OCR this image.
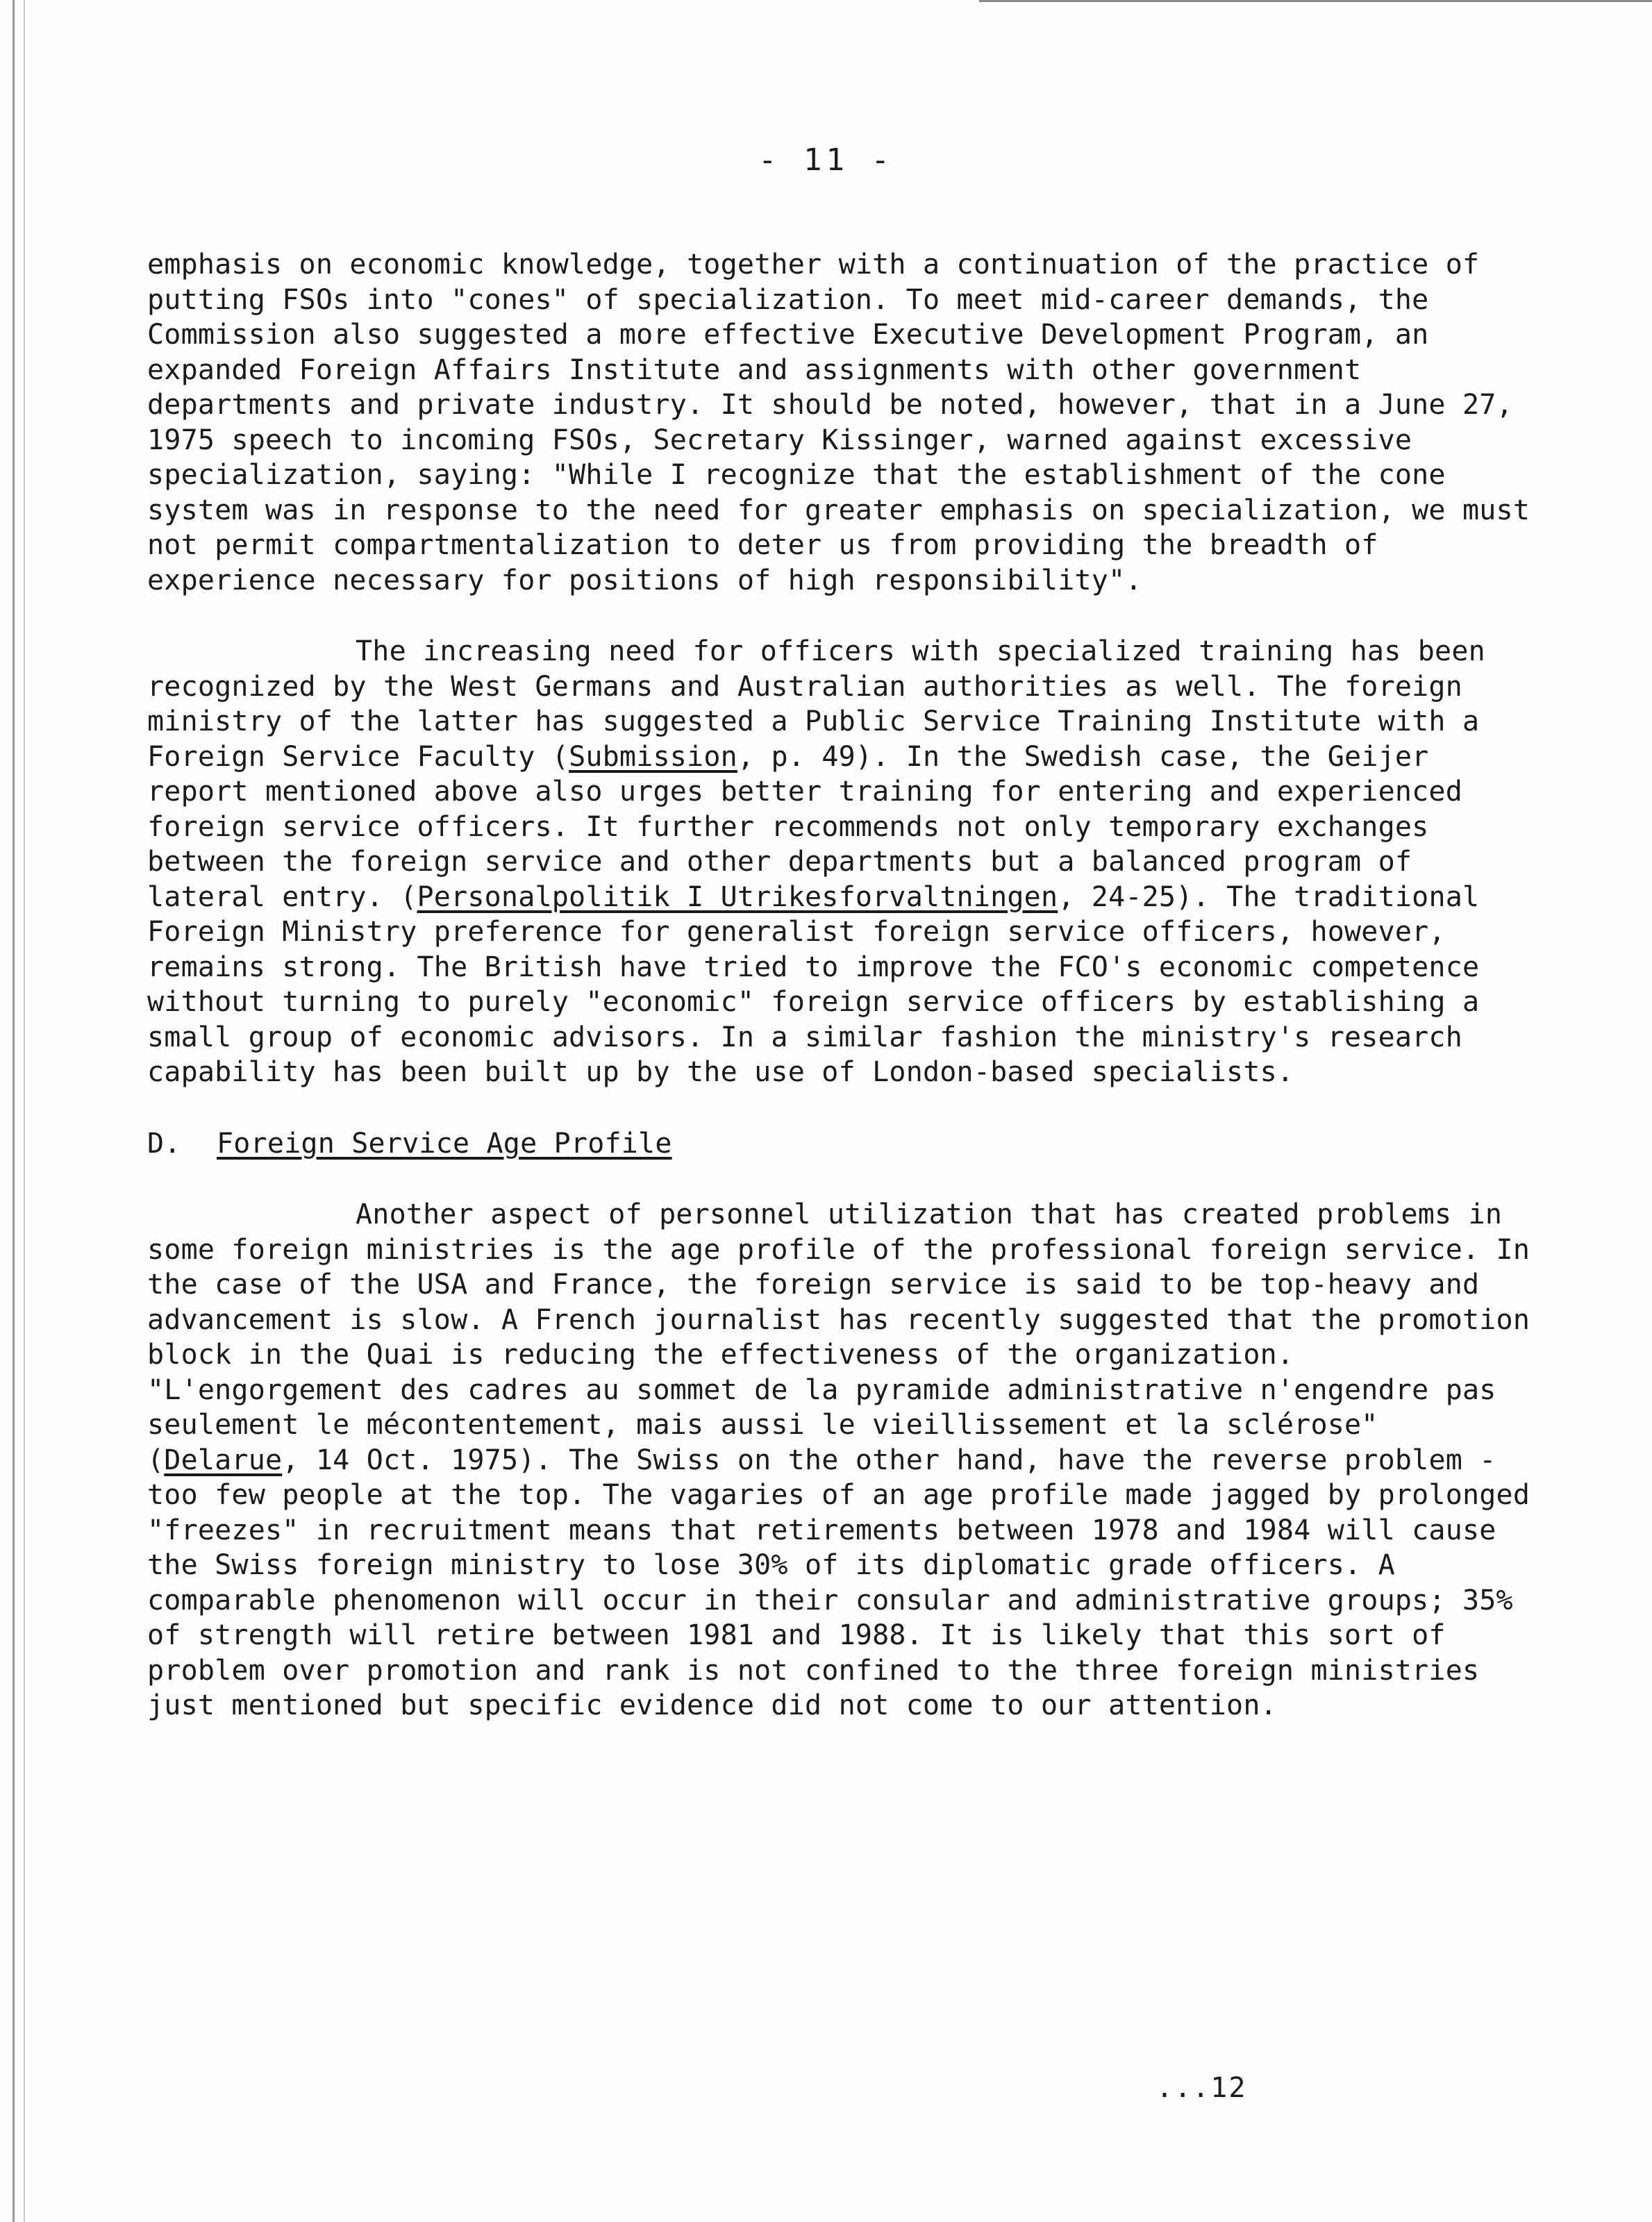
- 11 -

emphasis on economic knowledge, together with a continuation of the practice of putting FSOs into "cones" of specialization. To meet mid-career demands, the Commission also suggested a more effective Executive Development Program, an expanded Foreign Affairs Institute and assignments with other government departments and private industry. It should be noted, however, that in a June 27, 1975 speech to incoming FSOs, Secretary Kissinger, warned against excessive specialization, saying: "While I recognize that the establishment of the cone system was in response to the need for greater emphasis on specialization, we must not permit compartmentalization to deter us from providing the breadth of experience necessary for positions of high responsibility".

The increasing need for officers with specialized training has been recognized by the West Germans and Australian authorities as well. The foreign ministry of the latter has suggested a Public Service Training Institute with a Foreign Service Faculty (Submission, p. 49). In the Swedish case, the Geijer report mentioned above also urges better training for entering and experienced foreign service officers. It further recommends not only temporary exchanges between the foreign service and other departments but a balanced program of lateral entry. (Personalpolitik I Utrikesforvaltningen, 24-25). The traditional Foreign Ministry preference for generalist foreign service officers, however, remains strong. The British have tried to improve the FCO's economic competence without turning to purely "economic" foreign service officers by establishing a small group of economic advisors. In a similar fashion the ministry's research capability has been built up by the use of London-based specialists.

D. Foreign Service Age Profile

Another aspect of personnel utilization that has created problems in some foreign ministries is the age profile of the professional foreign service. In the case of the USA and France, the foreign service is said to be top-heavy and advancement is slow. A French journalist has recently suggested that the promotion block in the Quai is reducing the effectiveness of the organization. "L'engorgement des cadres au sommet de la pyramide administrative n'engendre pas seulement le mécontentement, mais aussi le vieillissement et la sclérose" (Delarue, 14 Oct. 1975). The Swiss on the other hand, have the reverse problem - too few people at the top. The vagaries of an age profile made jagged by prolonged "freezes" in recruitment means that retirements between 1978 and 1984 will cause the Swiss foreign ministry to lose 30% of its diplomatic grade officers. A comparable phenomenon will occur in their consular and administrative groups; 35% of strength will retire between 1981 and 1988. It is likely that this sort of problem over promotion and rank is not confined to the three foreign ministries just mentioned but specific evidence did not come to our attention.

...12
